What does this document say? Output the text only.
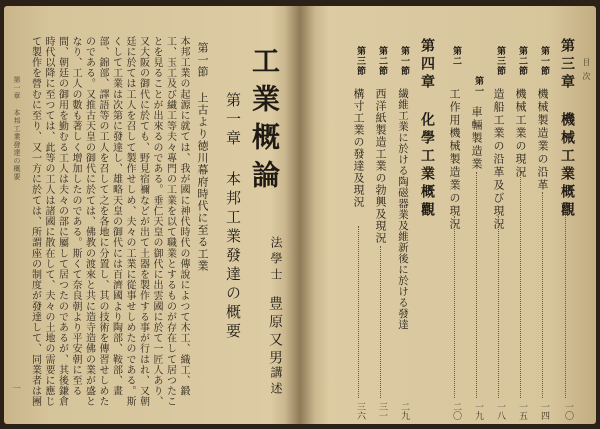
第一章 本邦工業發達の概要
一
工業概論
法學士
豊原又男
講述
第一章 本邦工業發達の概要
第一節 上古より徳川幕府時代に至る工業

本邦工業の起源に就ては、我が國に神代時代の傳說によつて木工、織工、鍛工、玉工及び繊工等夫々專門の工業を以て職業とするものが存在して居つたことを見ることが出來るのである。垂仁天皇の御代に出雲國に於て一匠人あり、又大阪の御代に於ても、野見宿禰などが出て土器を製作する事が行はれ、又朝廷に於ては工人を召して製作せしめ、夫々の工業に從事せしめたのである。斯くして工業は次第に發達し、雄略天皇の御代には百濟國より陶部、鞍部、畫部、錦部、譯語等の工人を召して之を各地に分置し、其の技術を傳習せしめたのである。又推古天皇の御代に於ては、佛教の渡來と共に造寺造佛の業が盛となり、工人の數も著しく增加したのである。斯くて奈良朝より平安朝に至る間、朝廷の御用を勤むる工人は夫々の部に屬して居つたのであるが、其後鎌倉時代以降に至つては、此等の工人は諸國に散在して、夫々の土地の需要に應じて製作を營むに至り、又一方に於ては、所謂座の制度が發達して、同業者は團

目次
第三章 機械工業概觀
一〇
第一節
機械製造業の沿革
一四
第二節
機械工業の現況
一五
第三節
造船工業の沿革及び現況
一八
第一
車輛製造業
一九
第二
工作用機械製造業の現況
二〇
第四章 化學工業概觀
第一節
繊維工業に於ける陶磁器業及維新後に於ける發達
二九
第二節
西洋紙製造工業の勃興及現況
三一
第三節
構寸工業の發達及現況
三六
